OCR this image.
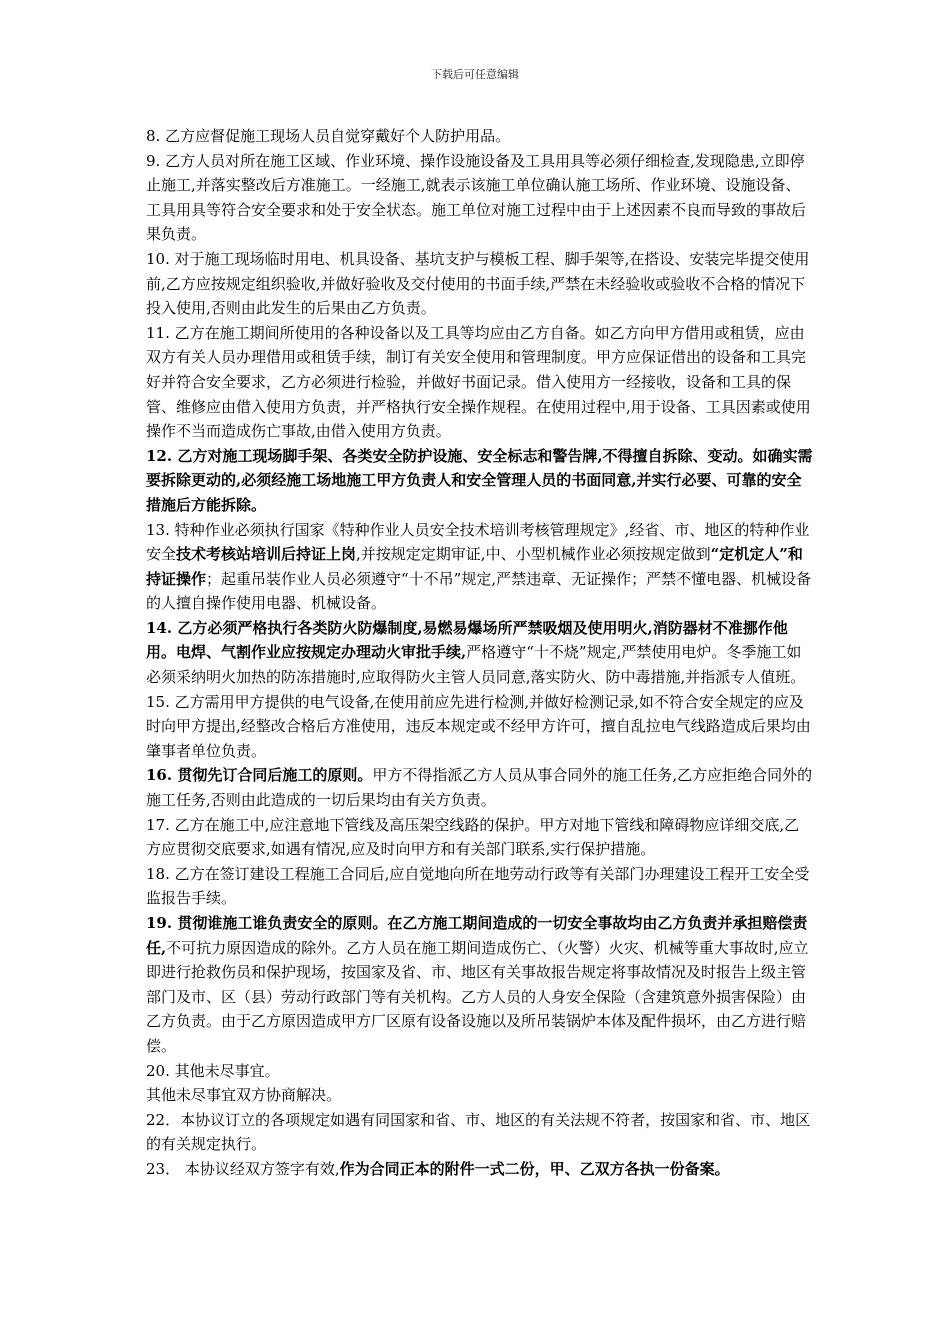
下载后可任意编辑

8. 乙方应督促施工现场人员自觉穿戴好个人防护用品。

9. 乙方人员对所在施工区域、作业环境、操作设施设备及工具用具等必须仔细检查,发现隐患,立即停止施工,并落实整改后方准施工。一经施工,就表示该施工单位确认施工场所、作业环境、设施设备、工具用具等符合安全要求和处于安全状态。施工单位对施工过程中由于上述因素不良而导致的事故后果负责。

10. 对于施工现场临时用电、机具设备、基坑支护与模板工程、脚手架等,在搭设、安装完毕提交使用前,乙方应按规定组织验收,并做好验收及交付使用的书面手续,严禁在未经验收或验收不合格的情况下投入使用,否则由此发生的后果由乙方负责。

11. 乙方在施工期间所使用的各种设备以及工具等均应由乙方自备。如乙方向甲方借用或租赁，应由双方有关人员办理借用或租赁手续，制订有关安全使用和管理制度。甲方应保证借出的设备和工具完好并符合安全要求，乙方必须进行检验，并做好书面记录。借入使用方一经接收，设备和工具的保管、维修应由借入使用方负责，并严格执行安全操作规程。在使用过程中,用于设备、工具因素或使用操作不当而造成伤亡事故,由借入使用方负责。

12. 乙方对施工现场脚手架、各类安全防护设施、安全标志和警告牌,不得擅自拆除、变动。如确实需要拆除更动的,必须经施工场地施工甲方负责人和安全管理人员的书面同意,并实行必要、可靠的安全措施后方能拆除。

13. 特种作业必须执行国家《特种作业人员安全技术培训考核管理规定》,经省、市、地区的特种作业安全技术考核站培训后持证上岗,并按规定定期审证,中、小型机械作业必须按规定做到“定机定人”和持证操作；起重吊装作业人员必须遵守“十不吊”规定,严禁违章、无证操作；严禁不懂电器、机械设备的人擅自操作使用电器、机械设备。

14. 乙方必须严格执行各类防火防爆制度,易燃易爆场所严禁吸烟及使用明火,消防器材不准挪作他用。电焊、气割作业应按规定办理动火审批手续,严格遵守“十不烧”规定,严禁使用电炉。冬季施工如必须采纳明火加热的防冻措施时,应取得防火主管人员同意,落实防火、防中毒措施,并指派专人值班。

15. 乙方需用甲方提供的电气设备,在使用前应先进行检测,并做好检测记录,如不符合安全规定的应及时向甲方提出,经整改合格后方准使用，违反本规定或不经甲方许可，擅自乱拉电气线路造成后果均由肇事者单位负责。

16. 贯彻先订合同后施工的原则。甲方不得指派乙方人员从事合同外的施工任务,乙方应拒绝合同外的施工任务,否则由此造成的一切后果均由有关方负责。

17. 乙方在施工中,应注意地下管线及高压架空线路的保护。甲方对地下管线和障碍物应详细交底,乙方应贯彻交底要求,如遇有情况,应及时向甲方和有关部门联系,实行保护措施。

18. 乙方在签订建设工程施工合同后,应自觉地向所在地劳动行政等有关部门办理建设工程开工安全受监报告手续。

19. 贯彻谁施工谁负责安全的原则。在乙方施工期间造成的一切安全事故均由乙方负责并承担赔偿责任,不可抗力原因造成的除外。乙方人员在施工期间造成伤亡、（火警）火灾、机械等重大事故时,应立即进行抢救伤员和保护现场，按国家及省、市、地区有关事故报告规定将事故情况及时报告上级主管部门及市、区（县）劳动行政部门等有关机构。乙方人员的人身安全保险（含建筑意外损害保险）由乙方负责。由于乙方原因造成甲方厂区原有设备设施以及所吊装锅炉本体及配件损坏，由乙方进行赔偿。

20. 其他未尽事宜。

其他未尽事宜双方协商解决。

22．本协议订立的各项规定如遇有同国家和省、市、地区的有关法规不符者，按国家和省、市、地区的有关规定执行。

23． 本协议经双方签字有效,作为合同正本的附件一式二份，甲、乙双方各执一份备案。
